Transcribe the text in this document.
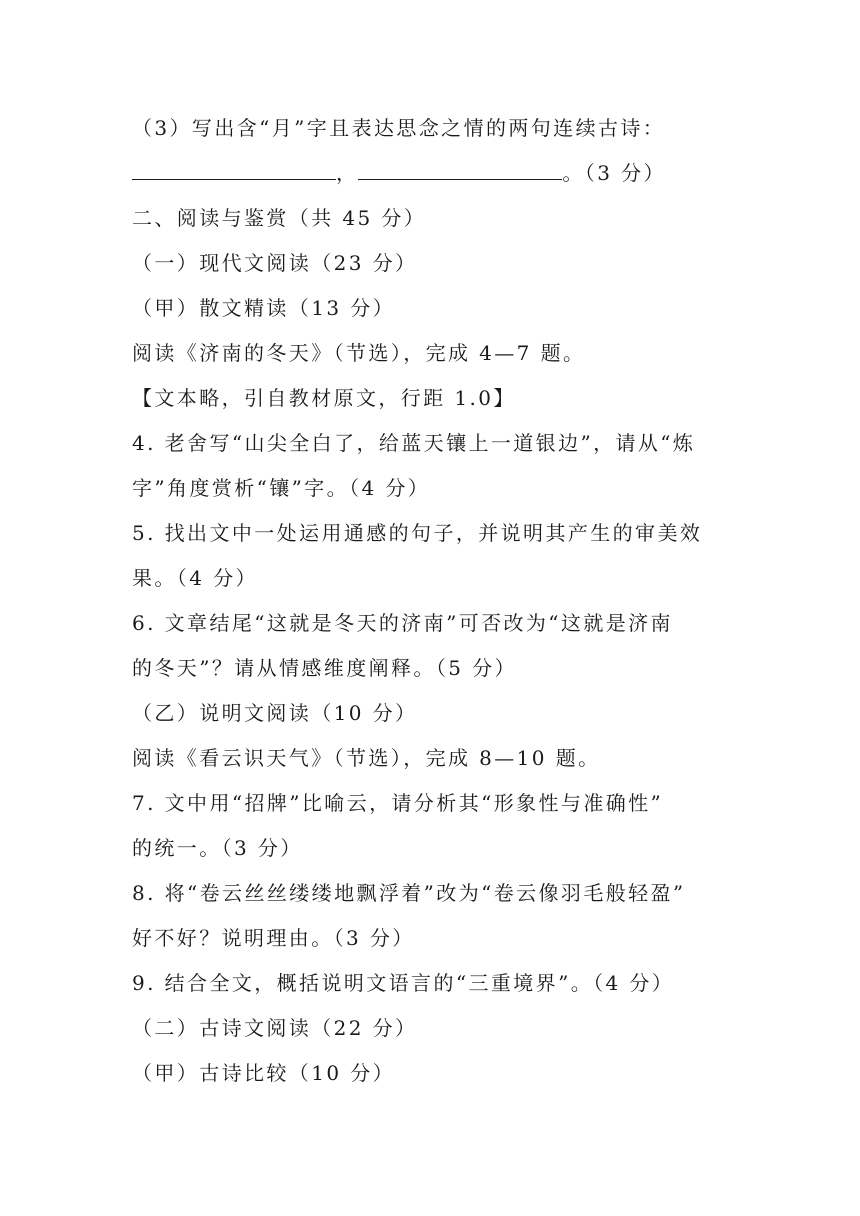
（3）写出含“月”字且表达思念之情的两句连续古诗：
，	。（3 分）
二、阅读与鉴赏（共 45 分）
（一）现代文阅读（23 分）
（甲）散文精读（13 分）
阅读《济南的冬天》（节选），完成 4—7 题。
【文本略，引自教材原文，行距 1.0】
4. 老舍写“山尖全白了，给蓝天镶上一道银边”，请从“炼
字”角度赏析“镶”字。（4 分）
5. 找出文中一处运用通感的句子，并说明其产生的审美效
果。（4 分）
6. 文章结尾“这就是冬天的济南”可否改为“这就是济南
的冬天”？请从情感维度阐释。（5 分）
（乙）说明文阅读（10 分）
阅读《看云识天气》（节选），完成 8—10 题。
7. 文中用“招牌”比喻云，请分析其“形象性与准确性”
的统一。（3 分）
8. 将“卷云丝丝缕缕地飘浮着”改为“卷云像羽毛般轻盈”
好不好？说明理由。（3 分）
9. 结合全文，概括说明文语言的“三重境界”。（4 分）
（二）古诗文阅读（22 分）
（甲）古诗比较（10 分）
